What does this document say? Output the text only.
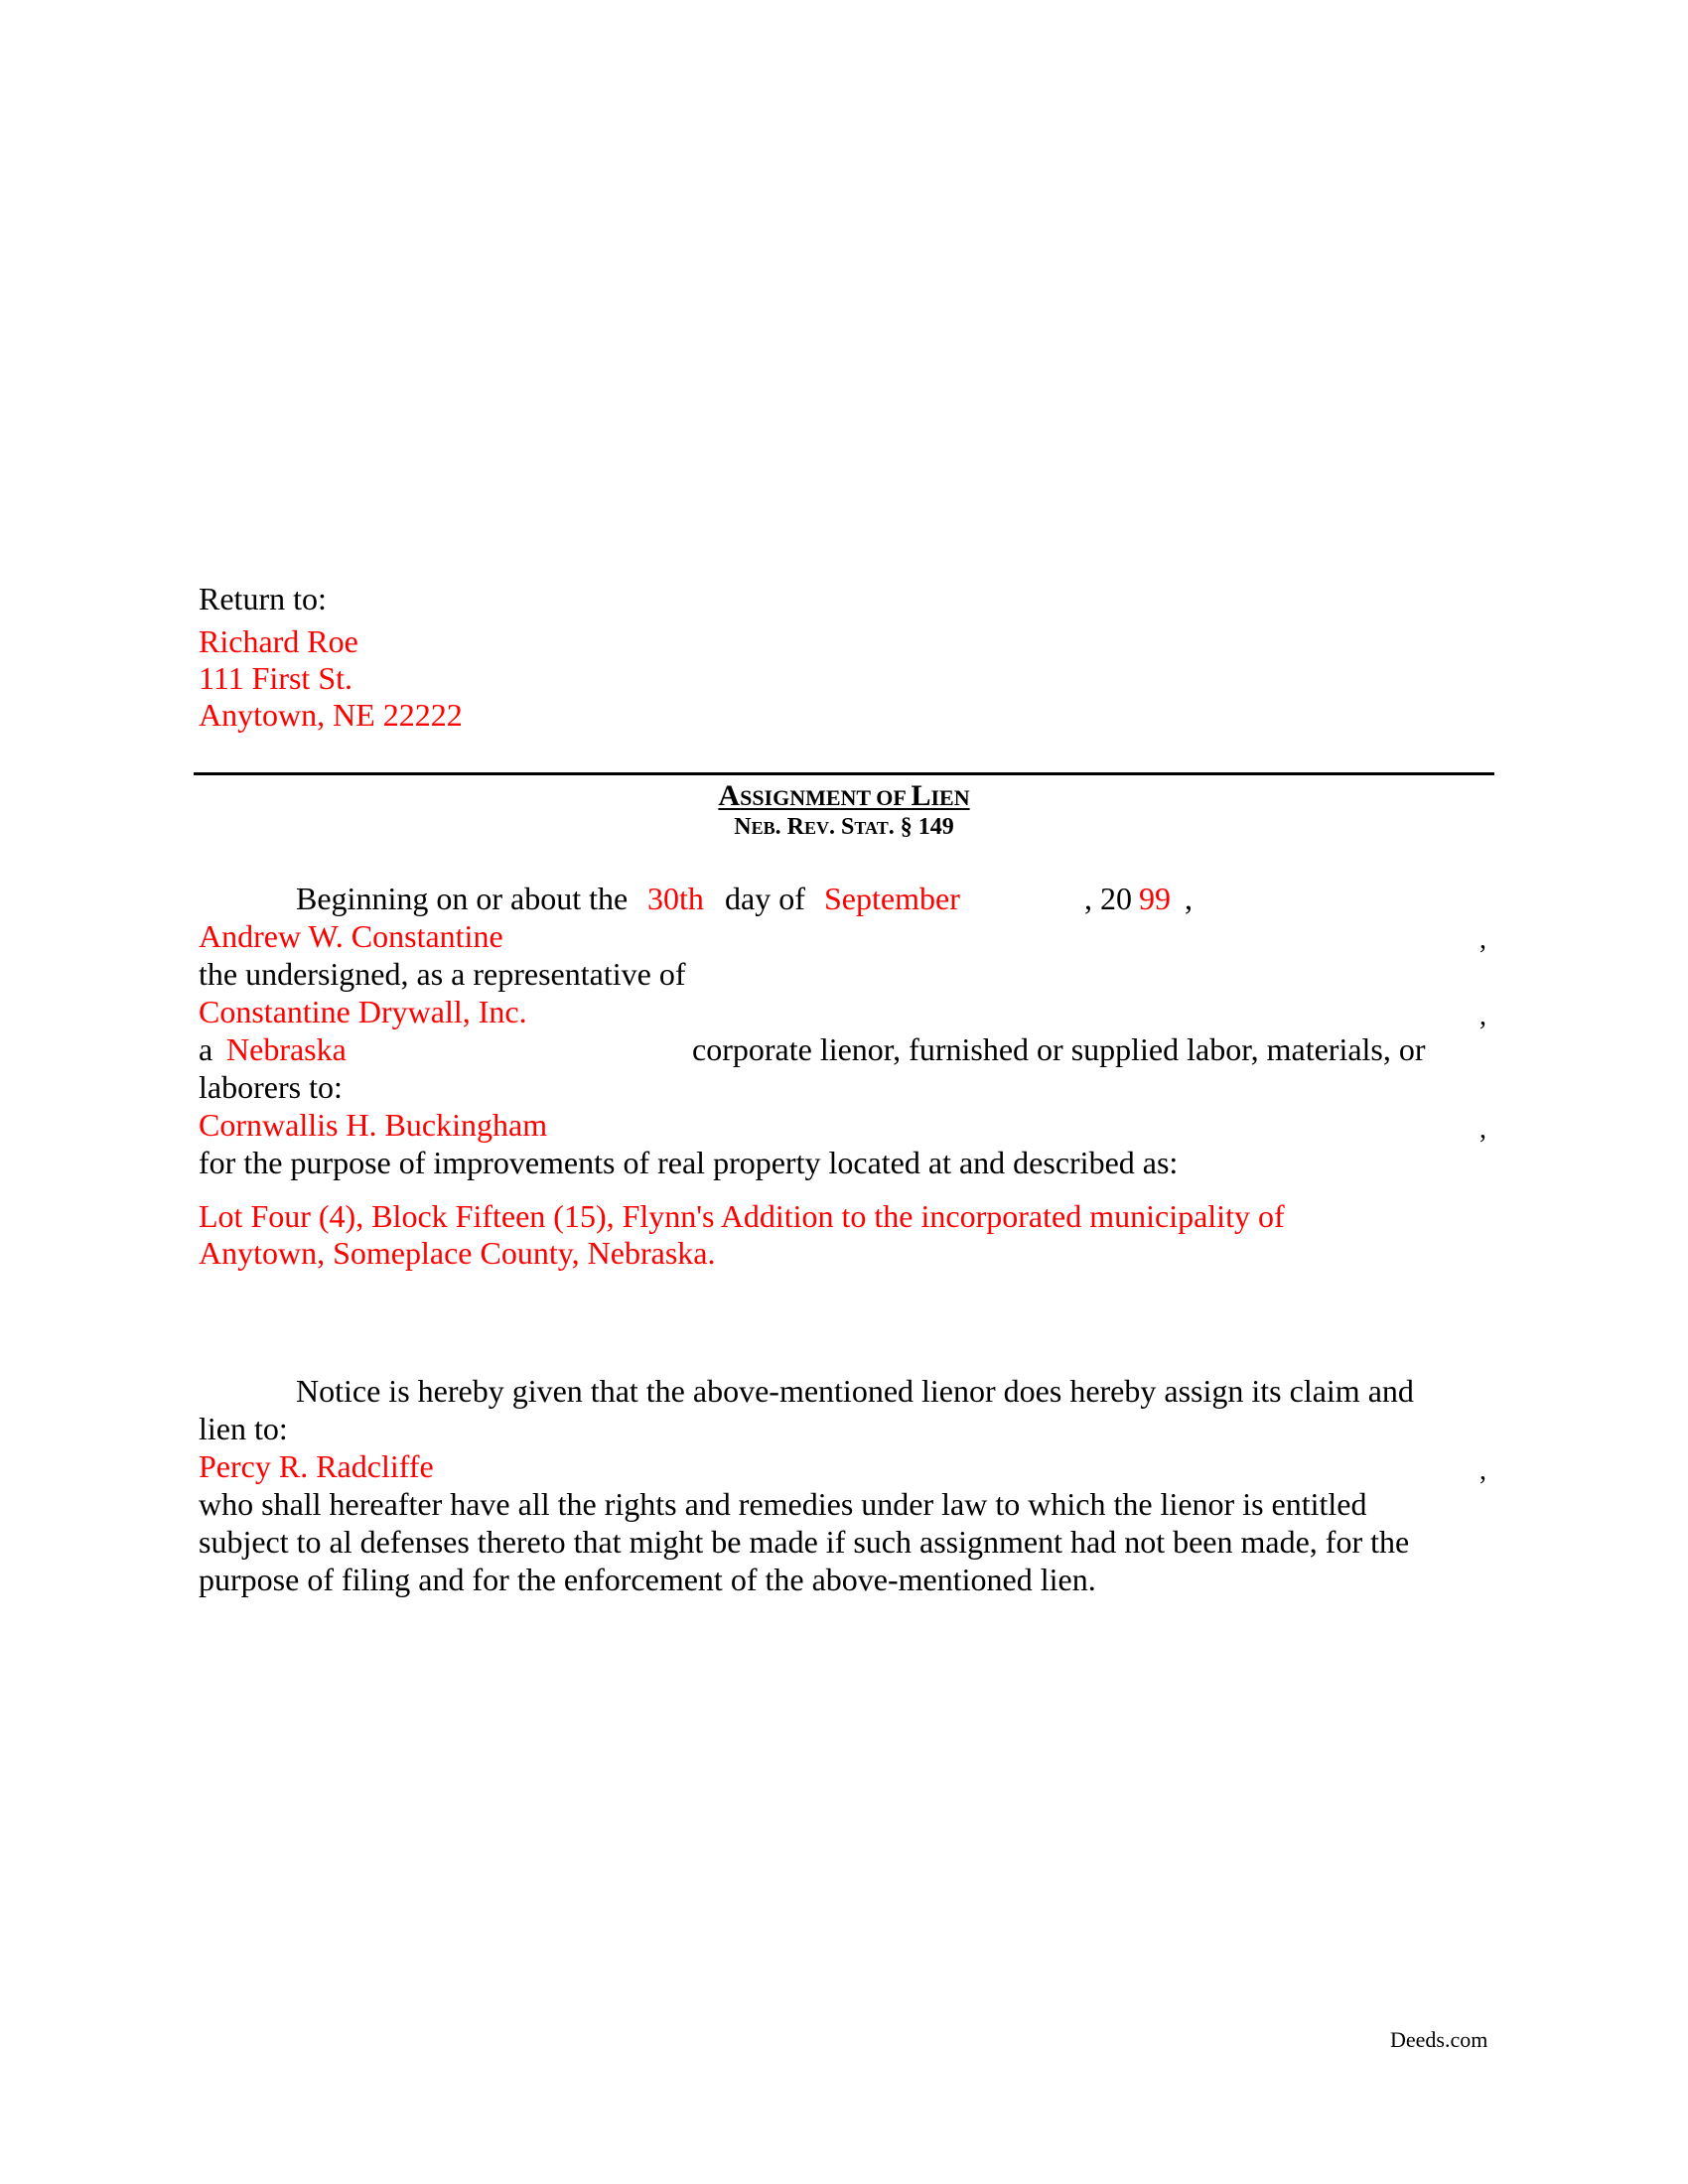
Return to:
Richard Roe
111 First St.
Anytown, NE 22222
ASSIGNMENT OF LIEN
NEB. REV. STAT. § 149
Beginning on or about the 30th day of September	, 20 99 ,
Andrew W. Constantine	,
the undersigned, as a representative of
Constantine Drywall, Inc.	,
a Nebraska	corporate lienor, furnished or supplied labor, materials, or
laborers to:
Cornwallis H. Buckingham	,
for the purpose of improvements of real property located at and described as:
Lot Four (4), Block Fifteen (15), Flynn's Addition to the incorporated municipality of
Anytown, Someplace County, Nebraska.
Notice is hereby given that the above-mentioned lienor does hereby assign its claim and
lien to:
Percy R. Radcliffe	,
who shall hereafter have all the rights and remedies under law to which the lienor is entitled
subject to al defenses thereto that might be made if such assignment had not been made, for the
purpose of filing and for the enforcement of the above-mentioned lien.
Deeds.com
